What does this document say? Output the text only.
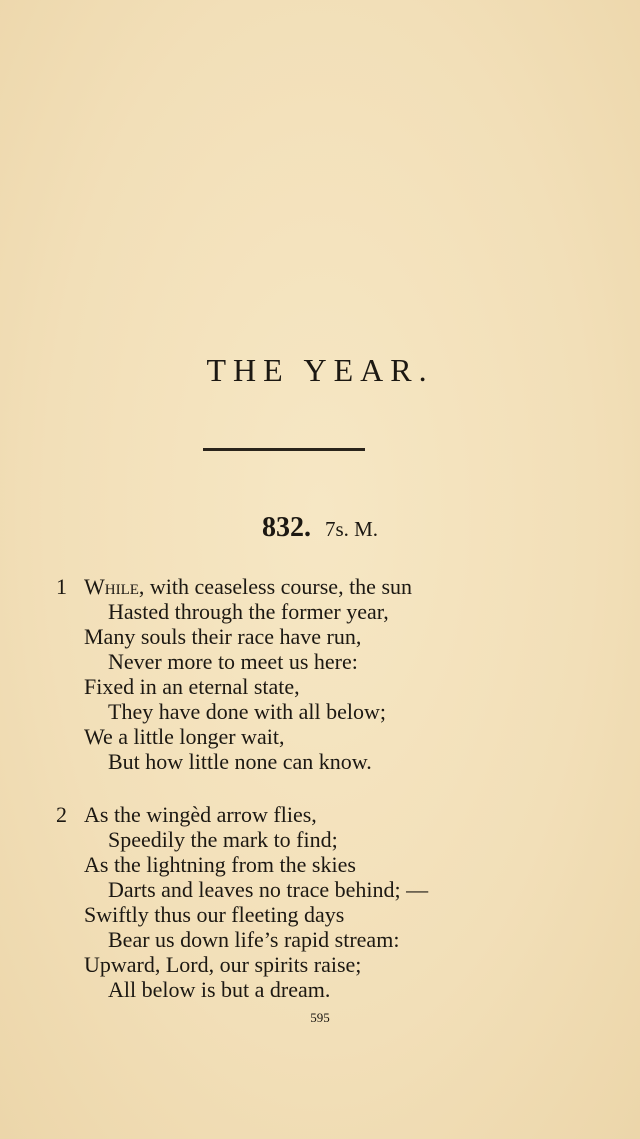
THE YEAR.
832. 7s. M.
1 While, with ceaseless course, the sun
Hasted through the former year,
Many souls their race have run,
Never more to meet us here:
Fixed in an eternal state,
They have done with all below;
We a little longer wait,
But how little none can know.
2 As the wingèd arrow flies,
Speedily the mark to find;
As the lightning from the skies
Darts and leaves no trace behind; —
Swiftly thus our fleeting days
Bear us down life’s rapid stream:
Upward, Lord, our spirits raise;
All below is but a dream.
595
